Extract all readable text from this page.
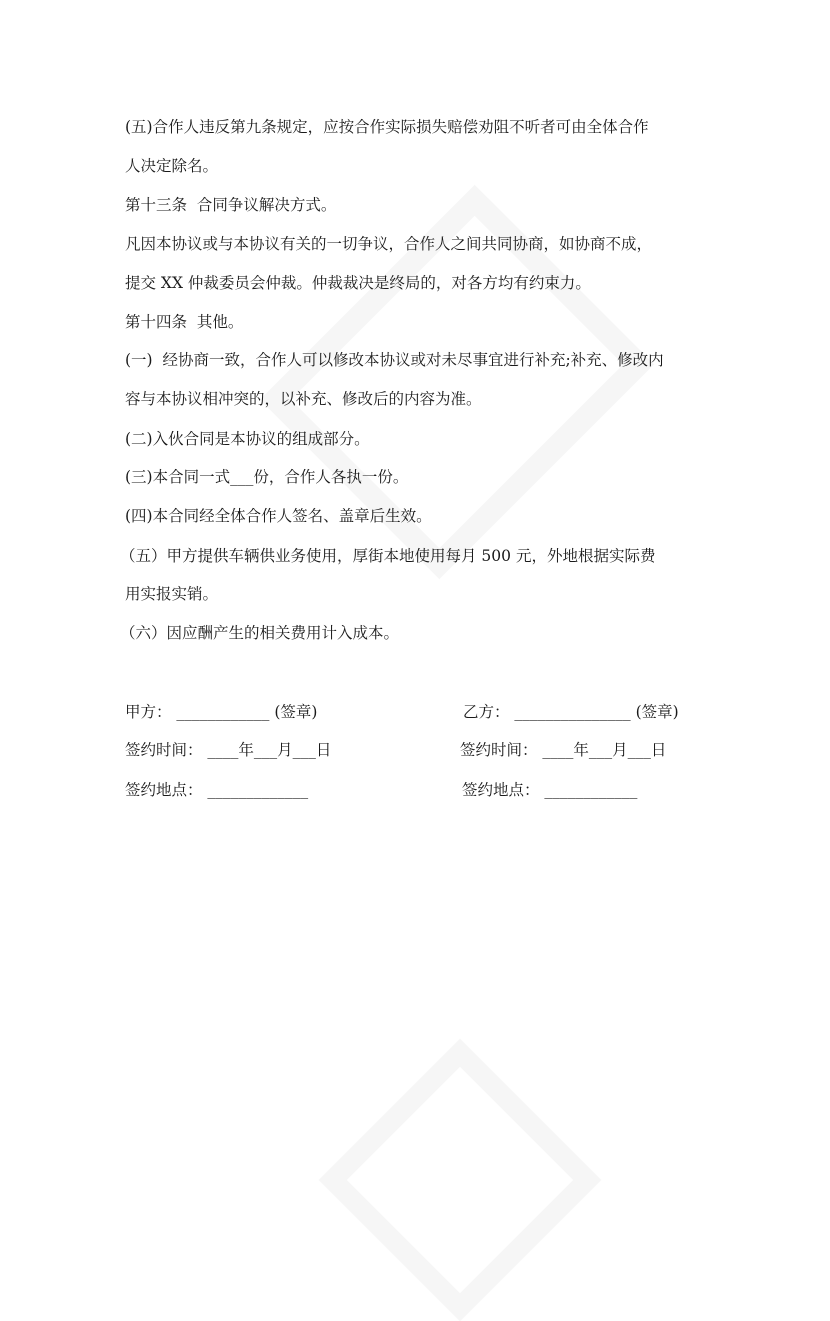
(五)合作人违反第九条规定，应按合作实际损失赔偿劝阻不听者可由全体合作
人决定除名。
第十三条  合同争议解决方式。
凡因本协议或与本协议有关的一切争议，合作人之间共同协商，如协商不成，
提交 XX 仲裁委员会仲裁。仲裁裁决是终局的，对各方均有约束力。
第十四条  其他。
(一)  经协商一致，合作人可以修改本协议或对未尽事宜进行补充;补充、修改内
容与本协议相冲突的，以补充、修改后的内容为准。
(二)入伙合同是本协议的组成部分。
(三)本合同一式___份，合作人各执一份。
(四)本合同经全体合作人签名、盖章后生效。
（五）甲方提供车辆供业务使用，厚街本地使用每月 500 元，外地根据实际费
用实报实销。
（六）因应酬产生的相关费用计入成本。
甲方： ____________ (签章)	乙方： _______________ (签章)
签约时间： ____年___月___日	签约时间： ____年___月___日
签约地点： _____________	签约地点： ____________
